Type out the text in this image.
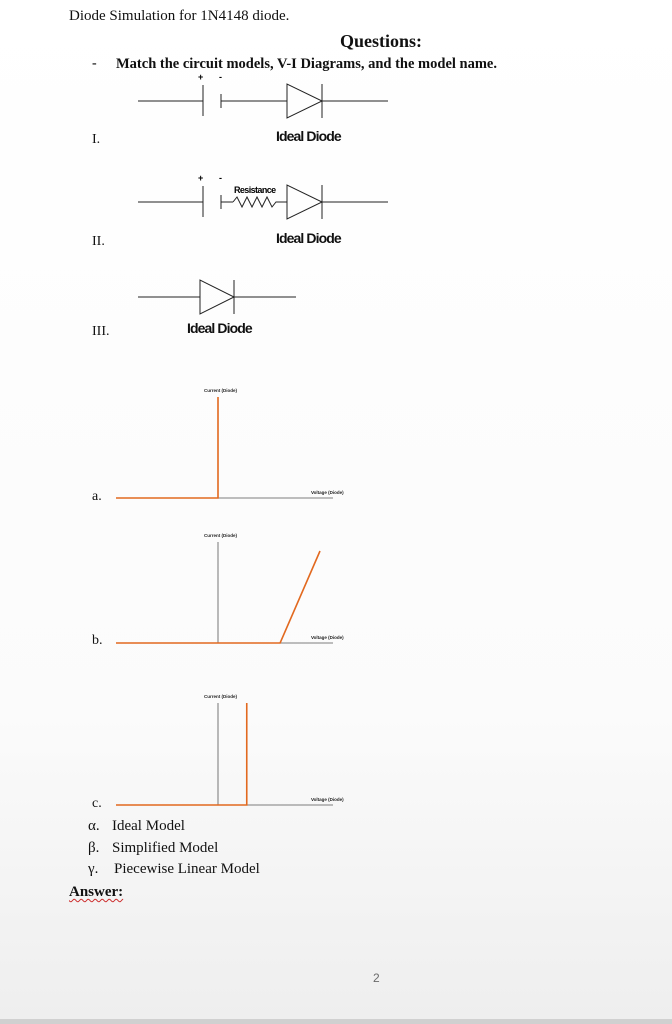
Diode Simulation for 1N4148 diode.
Questions:
- Match the circuit models, V-I Diagrams, and the model name.
I.
+ -
Ideal Diode
II.
+ -
Resistance
Ideal Diode
III.	Ideal Diode
a.
Current (Diode)
Voltage (Diode)
b.
Current (Diode)
Voltage (Diode)
c.
Current (Diode)
Voltage (Diode)
α. Ideal Model
β. Simplified Model
γ. Piecewise Linear Model
Answer:
2
